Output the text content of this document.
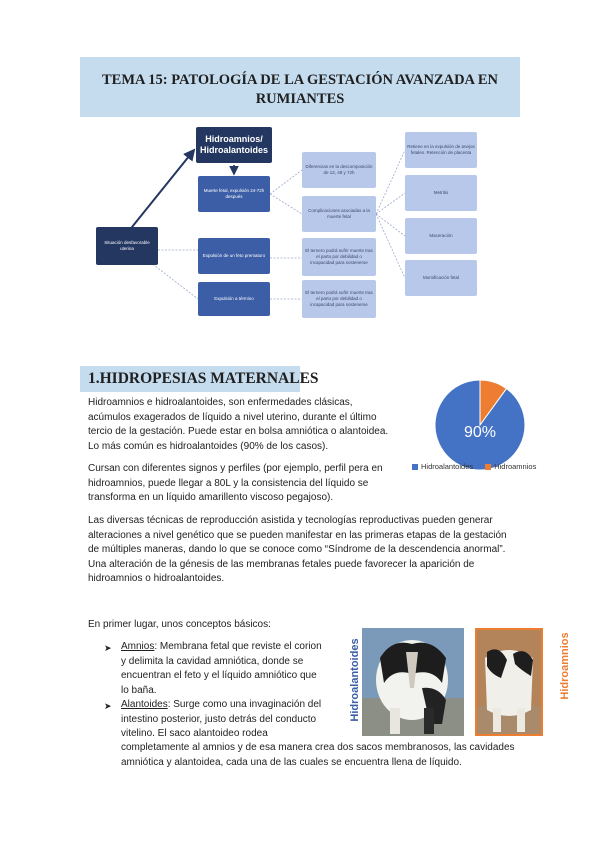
TEMA 15: PATOLOGÍA DE LA GESTACIÓN AVANZADA EN
RUMIANTES
Situación desfavorable uterina
Hidroamnios/ Hidroalantoides
Muerte fetal, expulsión 24-72h después
Expulsión de un feto prematuro
Expulsión a término
Diferencias en la descomposición de 12, 48 y 72h
Complicaciones asociadas a la muerte fetal
El ternero podrá sufrir muerte tras el parto por debilidad o incapacidad para sostenerse
El ternero podrá sufrir muerte tras el parto por debilidad o incapacidad para sostenerse
Retiene en la expulsión de anejos fetales. Retención de placenta
Metritis
Maceración
Momificación fetal
1.HIDROPESIAS MATERNALES
Hidroamnios e hidroalantoides, son enfermedades clásicas,
acúmulos exagerados de líquido a nivel uterino, durante el último
tercio de la gestación. Puede estar en bolsa amniótica o alantoidea.
Lo más común es hidroalantoides (90% de los casos).
Cursan con diferentes signos y perfiles (por ejemplo, perfil pera en
hidroamnios, puede llegar a 80L y la consistencia del líquido se
transforma en un líquido amarillento viscoso pegajoso).
90%
Hidroalantoides	Hidroamnios
Las diversas técnicas de reproducción asistida y tecnologías reproductivas pueden generar
alteraciones a nivel genético que se pueden manifestar en las primeras etapas de la gestación
de múltiples maneras, dando lo que se conoce como “Síndrome de la descendencia anormal”.
Una alteración de la génesis de las membranas fetales puede favorecer la aparición de
hidroamnios o hidroalantoides.
En primer lugar, unos conceptos básicos:
➤ Amnios: Membrana fetal que reviste el corion
y delimita la cavidad amniótica, donde se
encuentran el feto y el líquido amniótico que
lo baña.
➤ Alantoides: Surge como una invaginación del
intestino posterior, justo detrás del conducto
vitelino. El saco alantoideo rodea
completamente al amnios y de esa manera crea dos sacos membranosos, las cavidades
amniótica y alantoidea, cada una de las cuales se encuentra llena de líquido.
Hidroalantoides	Hidroamnios
